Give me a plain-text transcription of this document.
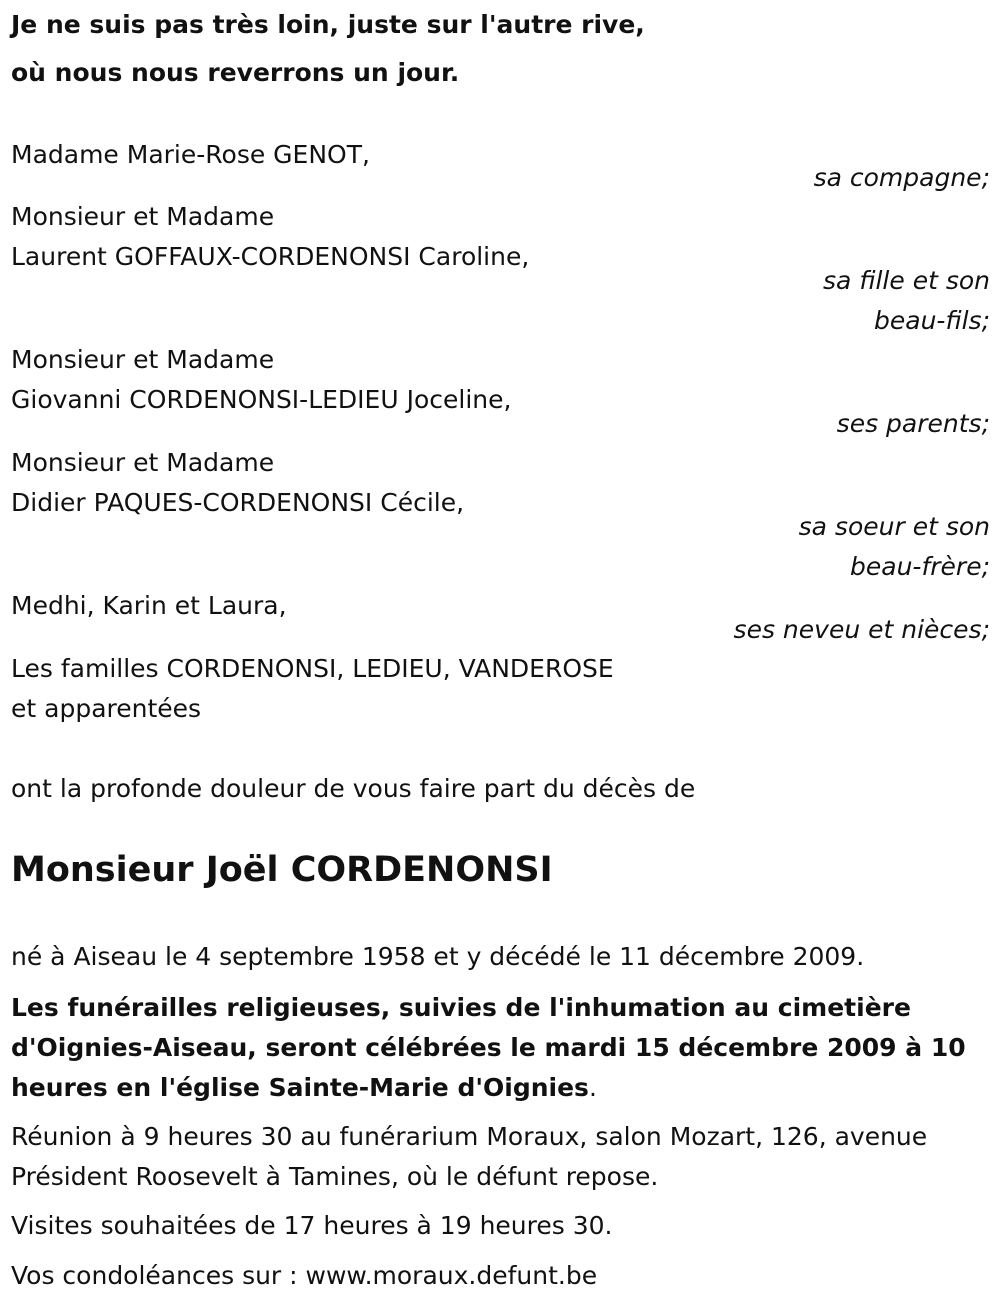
Je ne suis pas très loin, juste sur l'autre rive,
où nous nous reverrons un jour.
Madame Marie-Rose GENOT,
sa compagne;
Monsieur et Madame
Laurent GOFFAUX-CORDENONSI Caroline,
sa fille et son
beau-fils;
Monsieur et Madame
Giovanni CORDENONSI-LEDIEU Joceline,
ses parents;
Monsieur et Madame
Didier PAQUES-CORDENONSI Cécile,
sa soeur et son
beau-frère;
Medhi, Karin et Laura,
ses neveu et nièces;
Les familles CORDENONSI, LEDIEU, VANDEROSE
et apparentées
ont la profonde douleur de vous faire part du décès de
Monsieur Joël CORDENONSI
né à Aiseau le 4 septembre 1958 et y décédé le 11 décembre 2009.
Les funérailles religieuses, suivies de l'inhumation au cimetière d'Oignies-Aiseau, seront célébrées le mardi 15 décembre 2009 à 10 heures en l'église Sainte-Marie d'Oignies.
Réunion à 9 heures 30 au funérarium Moraux, salon Mozart, 126, avenue Président Roosevelt à Tamines, où le défunt repose.
Visites souhaitées de 17 heures à 19 heures 30.
Vos condoléances sur : www.moraux.defunt.be
